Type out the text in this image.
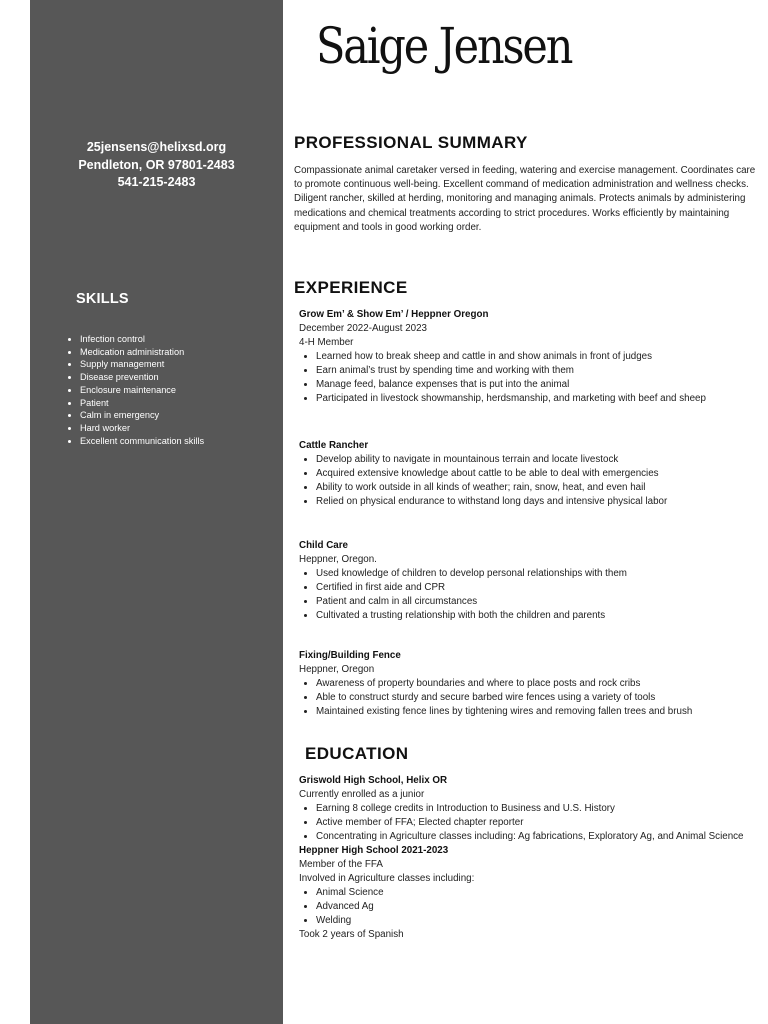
25jensens@helixsd.org
Pendleton, OR 97801-2483
541-215-2483
SKILLS
• Infection control
• Medication administration
• Supply management
• Disease prevention
• Enclosure maintenance
• Patient
• Calm in emergency
• Hard worker
• Excellent communication skills
Saige Jensen
PROFESSIONAL SUMMARY

Compassionate animal caretaker versed in feeding, watering and exercise management. Coordinates care to promote continuous well-being. Excellent command of medication administration and wellness checks. Diligent rancher, skilled at herding, monitoring and managing animals. Protects animals by administering medications and chemical treatments according to strict procedures. Works efficiently by maintaining equipment and tools in good working order.

EXPERIENCE
Grow Em’ & Show Em’ / Heppner Oregon
December 2022-August 2023
4-H Member
• Learned how to break sheep and cattle in and show animals in front of judges
• Earn animal’s trust by spending time and working with them
• Manage feed, balance expenses that is put into the animal
• Participated in livestock showmanship, herdsmanship, and marketing with beef and sheep
Cattle Rancher
• Develop ability to navigate in mountainous terrain and locate livestock
• Acquired extensive knowledge about cattle to be able to deal with emergencies
• Ability to work outside in all kinds of weather; rain, snow, heat, and even hail
• Relied on physical endurance to withstand long days and intensive physical labor
Child Care
Heppner, Oregon.
• Used knowledge of children to develop personal relationships with them
• Certified in first aide and CPR
• Patient and calm in all circumstances
• Cultivated a trusting relationship with both the children and parents
Fixing/Building Fence
Heppner, Oregon
• Awareness of property boundaries and where to place posts and rock cribs
• Able to construct sturdy and secure barbed wire fences using a variety of tools
• Maintained existing fence lines by tightening wires and removing fallen trees and brush
EDUCATION
Griswold High School, Helix OR
Currently enrolled as a junior
• Earning 8 college credits in Introduction to Business and U.S. History
• Active member of FFA; Elected chapter reporter
• Concentrating in Agriculture classes including: Ag fabrications, Exploratory Ag, and Animal Science
Heppner High School 2021-2023
Member of the FFA
Involved in Agriculture classes including:
• Animal Science
• Advanced Ag
• Welding
Took 2 years of Spanish
